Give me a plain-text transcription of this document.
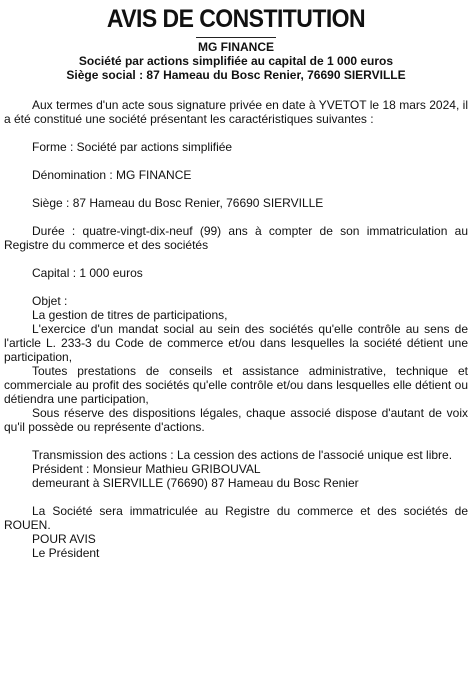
AVIS DE CONSTITUTION

MG FINANCE

Société par actions simplifiée au capital de 1 000 euros

Siège social : 87 Hameau du Bosc Renier, 76690 SIERVILLE

Aux termes d'un acte sous signature privée en date à YVETOT le 18 mars 2024, il a été constitué une société présentant les caractéristiques suivantes :

Forme : Société par actions simplifiée

Dénomination : MG FINANCE

Siège : 87 Hameau du Bosc Renier, 76690 SIERVILLE

Durée : quatre-vingt-dix-neuf (99) ans à compter de son immatriculation au Registre du commerce et des sociétés

Capital : 1 000 euros

Objet :

La gestion de titres de participations,

L'exercice d'un mandat social au sein des sociétés qu'elle contrôle au sens de l'article L. 233-3 du Code de commerce et/ou dans lesquelles la société détient une participation,

Toutes prestations de conseils et assistance administrative, technique et commerciale au profit des sociétés qu'elle contrôle et/ou dans lesquelles elle détient ou détiendra une participation,

Sous réserve des dispositions légales, chaque associé dispose d'autant de voix qu'il possède ou représente d'actions.

Transmission des actions : La cession des actions de l'associé unique est libre.

Président : Monsieur Mathieu GRIBOUVAL

demeurant à SIERVILLE (76690) 87 Hameau du Bosc Renier

La Société sera immatriculée au Registre du commerce et des sociétés de ROUEN.

POUR AVIS

Le Président
